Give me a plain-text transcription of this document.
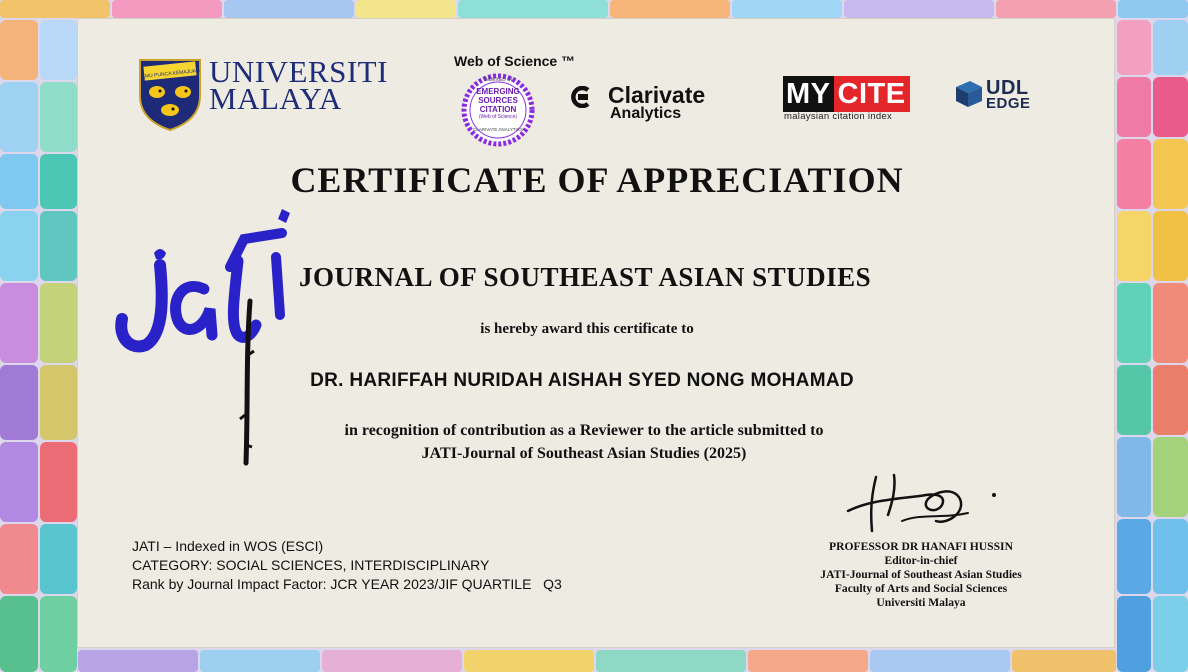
ILMU PUNCA KEMAJUAN UNIVERSITI
MALAYA
Web of Science ™
INDEXED IN
EMERGING
SOURCES
CITATION
(Web of Science)
CLARIVATE ANALYTICS
Clarivate
Analytics
MY CITE
malaysian citation index
UDL
EDGE
CERTIFICATE OF APPRECIATION
JOURNAL OF SOUTHEAST ASIAN STUDIES
is hereby award this certificate to
DR. HARIFFAH NURIDAH AISHAH SYED NONG MOHAMAD
in recognition of contribution as a Reviewer to the article submitted to
JATI-Journal of Southeast Asian Studies (2025)
JATI – Indexed in WOS (ESCI)
CATEGORY: SOCIAL SCIENCES, INTERDISCIPLINARY
Rank by Journal Impact Factor: JCR YEAR 2023/JIF QUARTILE   Q3
PROFESSOR DR HANAFI HUSSIN
Editor-in-chief
JATI-Journal of Southeast Asian Studies
Faculty of Arts and Social Sciences
Universiti Malaya
